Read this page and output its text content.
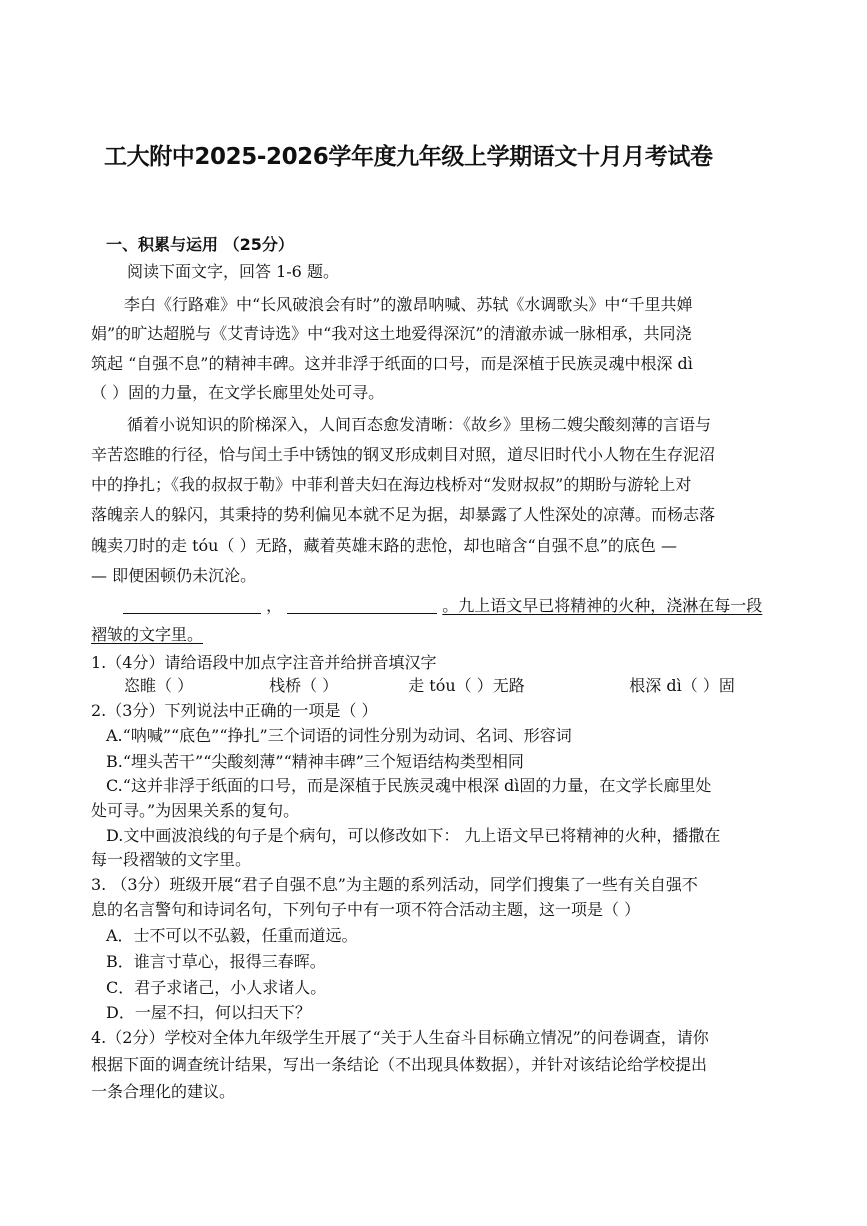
工大附中2025-2026学年度九年级上学期语文十月月考试卷
一、积累与运用 （25分）
阅读下面文字，回答 1-6 题。
李白《行路难》中“长风破浪会有时”的激昂呐喊、苏轼《水调歌头》中“千里共婵
娟”的旷达超脱与《艾青诗选》中“我对这土地爱得深沉”的清澈赤诚一脉相承，共同浇
筑起 “自强不息”的精神丰碑。这并非浮于纸面的口号，而是深植于民族灵魂中根深 dì
（ ）固的力量，在文学长廊里处处可寻。
循着小说知识的阶梯深入，人间百态愈发清晰：《故乡》里杨二嫂尖酸刻薄的言语与
辛苦恣睢的行径，恰与闰土手中锈蚀的钢叉形成刺目对照，道尽旧时代小人物在生存泥沼
中的挣扎；《我的叔叔于勒》中菲利普夫妇在海边栈桥对“发财叔叔”的期盼与游轮上对
落魄亲人的躲闪，其秉持的势利偏见本就不足为据，却暴露了人性深处的凉薄。而杨志落
魄卖刀时的走 tóu（ ）无路，藏着英雄末路的悲怆，却也暗含“自强不息”的底色 —
— 即便困顿仍未沉沦。
，	。九上语文早已将精神的火种，浇淋在每一段
褶皱的文字里。
1.（4分）请给语段中加点字注音并给拼音填汉字
恣睢（ ）	栈桥（ ）	走 tóu（ ）无路	根深 dì（ ）固
2.（3分）下列说法中正确的一项是（ ）
A.“呐喊”“底色”“挣扎”三个词语的词性分别为动词、名词、形容词
B.“埋头苦干”“尖酸刻薄”“精神丰碑”三个短语结构类型相同
C.“这并非浮于纸面的口号，而是深植于民族灵魂中根深 dì固的力量，在文学长廊里处
处可寻。”为因果关系的复句。
D.文中画波浪线的句子是个病句，可以修改如下： 九上语文早已将精神的火种，播撒在
每一段褶皱的文字里。
3. （3分）班级开展“君子自强不息”为主题的系列活动，同学们搜集了一些有关自强不
息的名言警句和诗词名句，下列句子中有一项不符合活动主题，这一项是（ ）
A．士不可以不弘毅，任重而道远。
B．谁言寸草心，报得三春晖。
C．君子求诸己，小人求诸人。
D．一屋不扫，何以扫天下？
4.（2分）学校对全体九年级学生开展了“关于人生奋斗目标确立情况”的问卷调查，请你
根据下面的调查统计结果，写出一条结论（不出现具体数据），并针对该结论给学校提出
一条合理化的建议。
